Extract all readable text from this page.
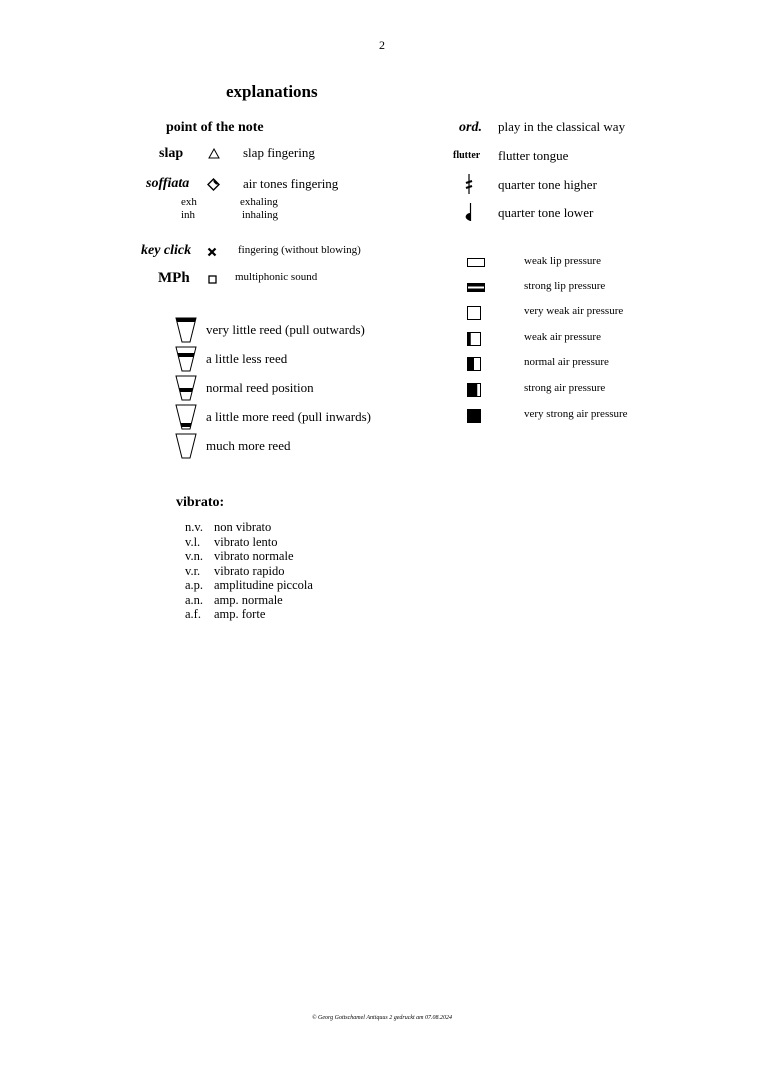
2
explanations
point of the note
slap	slap fingering
soffiata	air tones fingering
exh	exhaling
inh	inhaling
key click	fingering (without blowing)
MPh	multiphonic sound
very little reed (pull outwards)
a little less reed
normal reed position
a little more reed (pull inwards)
much more reed
ord. play in the classical way
flutter flutter tongue
quarter tone higher
quarter tone lower
weak lip pressure
strong lip pressure
very weak air pressure
weak air pressure
normal air pressure
strong air pressure
very strong air pressure
vibrato:
n.v. non vibrato
v.l. vibrato lento
v.n. vibrato normale
v.r. vibrato rapido
a.p. amplitudine piccola
a.n. amp. normale
a.f. amp. forte
© Georg Gottschamel Antiquus 2 gedruckt am 07.08.2024
